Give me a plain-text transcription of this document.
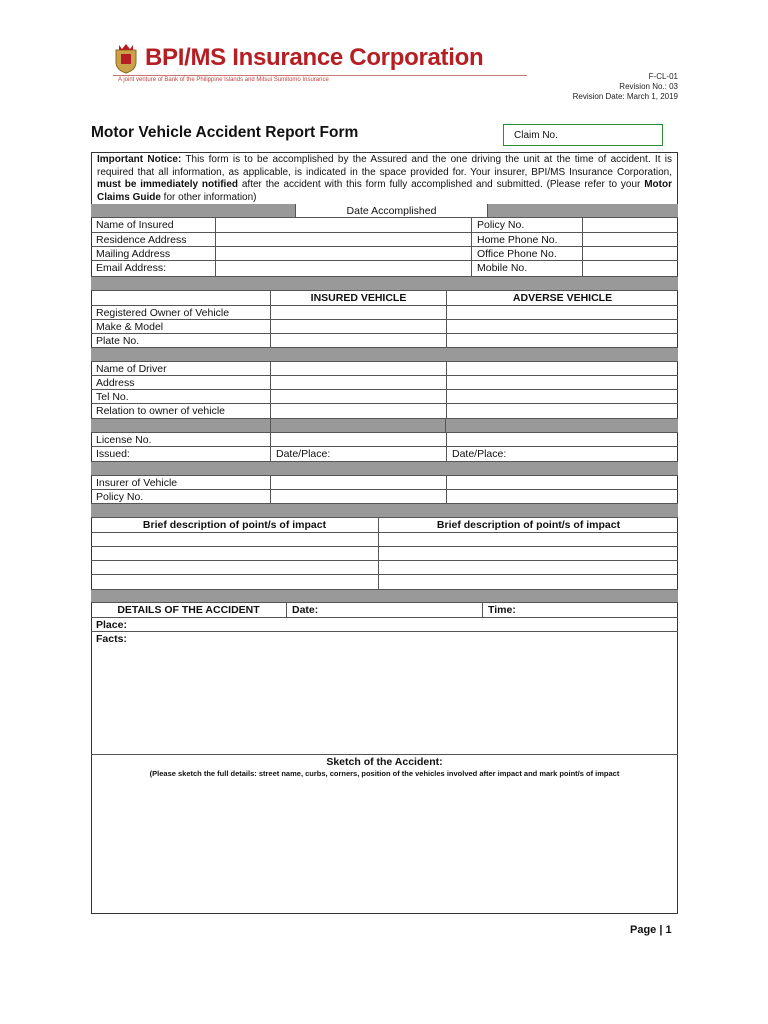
BPI/MS Insurance Corporation
A joint venture of Bank of the Philippine Islands and Mitsui Sumitomo Insurance	F-CL-01
Revision No.: 03
Revision Date: March 1, 2019
Motor Vehicle Accident Report Form	Claim No.
Important Notice: This form is to be accomplished by the Assured and the one driving the unit at the time of accident. It is required that all information, as applicable, is indicated in the space provided for. Your insurer, BPI/MS Insurance Corporation, must be immediately notified after the accident with this form fully accomplished and submitted. (Please refer to your Motor Claims Guide for other information)
Date Accomplished
Name of Insured	Policy No.
Residence Address	Home Phone No.
Mailing Address	Office Phone No.
Email Address:	Mobile No.
INSURED VEHICLE	ADVERSE VEHICLE
Registered Owner of Vehicle
Make & Model
Plate No.
Name of Driver
Address
Tel No.
Relation to owner of vehicle
License No.
Issued:	Date/Place:	Date/Place:
Insurer of Vehicle
Policy No.
Brief description of point/s of impact	Brief description of point/s of impact
DETAILS OF THE ACCIDENT	Date:	Time:
Place:
Facts:
Sketch of the Accident:
(Please sketch the full details: street name, curbs, corners, position of the vehicles involved after impact and mark point/s of impact
Page | 1
